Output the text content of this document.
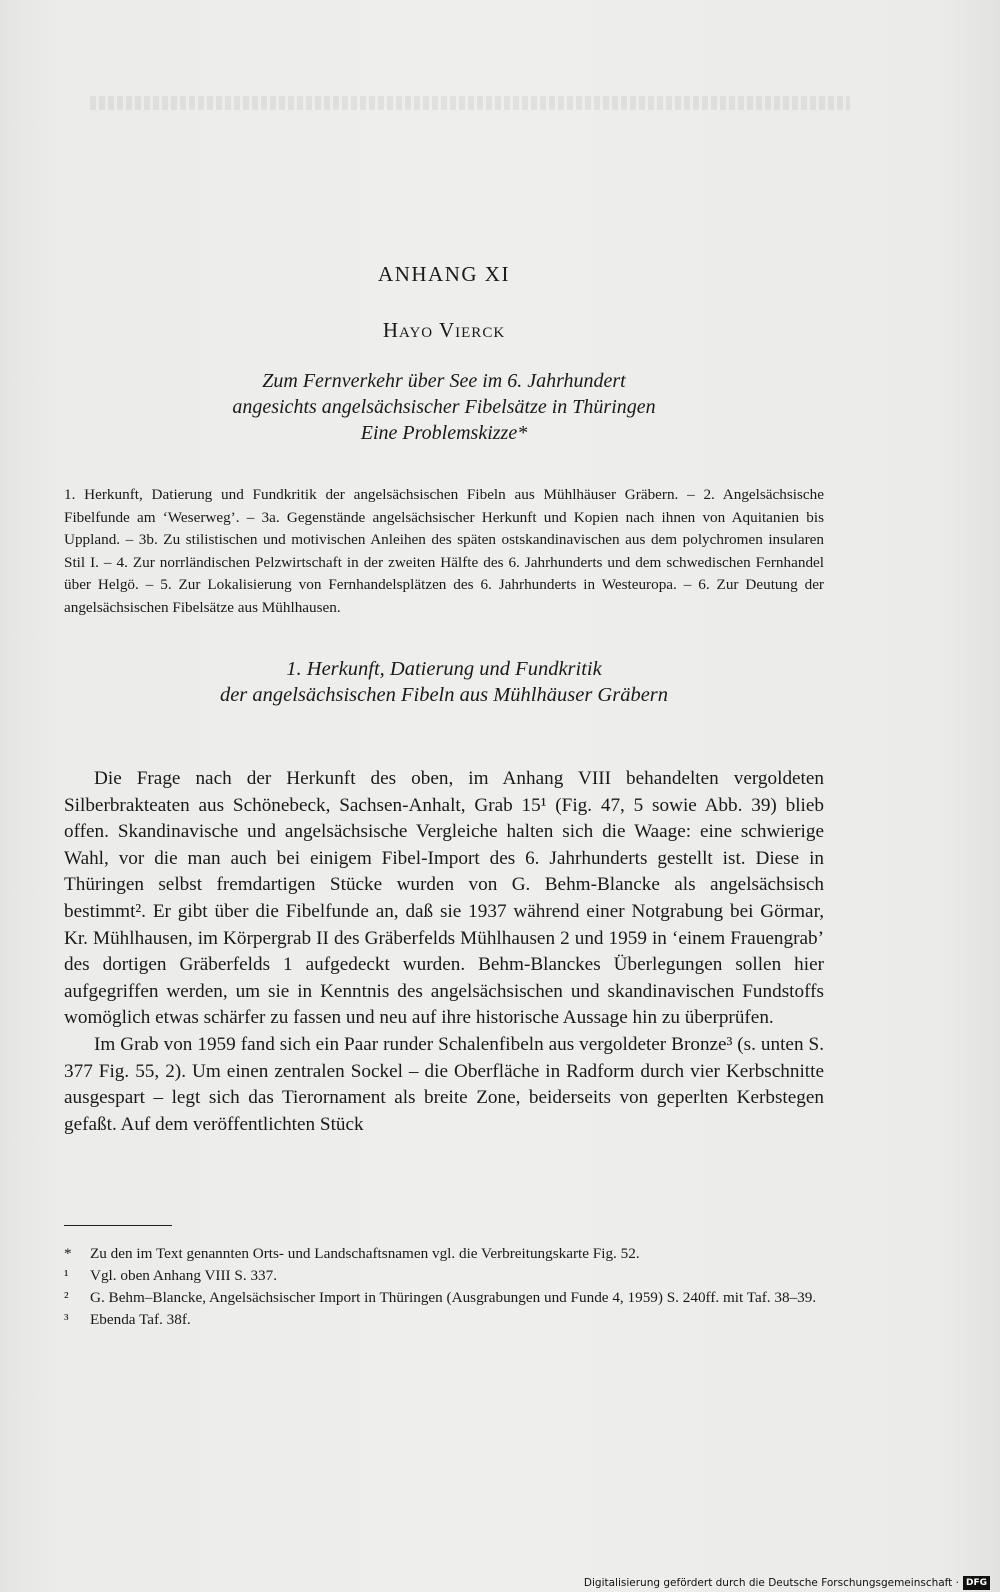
ANHANG XI
Hayo Vierck
Zum Fernverkehr über See im 6. Jahrhundert
angesichts angelsächsischer Fibelsätze in Thüringen
Eine Problemskizze*
1. Herkunft, Datierung und Fundkritik der angelsächsischen Fibeln aus Mühlhäuser Gräbern. – 2. Angelsächsische Fibelfunde am ‘Weserweg’. – 3a. Gegenstände angelsächsischer Herkunft und Kopien nach ihnen von Aquitanien bis Uppland. – 3b. Zu stilistischen und motivischen Anleihen des späten ostskandinavischen aus dem polychromen insularen Stil I. – 4. Zur norrländischen Pelzwirtschaft in der zweiten Hälfte des 6. Jahrhunderts und dem schwedischen Fernhandel über Helgö. – 5. Zur Lokalisierung von Fernhandelsplätzen des 6. Jahrhunderts in Westeuropa. – 6. Zur Deutung der angelsächsischen Fibelsätze aus Mühlhausen.
1. Herkunft, Datierung und Fundkritik
der angelsächsischen Fibeln aus Mühlhäuser Gräbern

Die Frage nach der Herkunft des oben, im Anhang VIII behandelten vergoldeten Silberbrakteaten aus Schönebeck, Sachsen-Anhalt, Grab 15¹ (Fig. 47, 5 sowie Abb. 39) blieb offen. Skandinavische und angelsächsische Vergleiche halten sich die Waage: eine schwierige Wahl, vor die man auch bei einigem Fibel-Import des 6. Jahrhunderts gestellt ist. Diese in Thüringen selbst fremdartigen Stücke wurden von G. Behm-Blancke als angelsächsisch bestimmt². Er gibt über die Fibelfunde an, daß sie 1937 während einer Notgrabung bei Görmar, Kr. Mühlhausen, im Körpergrab II des Gräberfelds Mühlhausen 2 und 1959 in ‘einem Frauengrab’ des dortigen Gräberfelds 1 aufgedeckt wurden. Behm-Blanckes Überlegungen sollen hier aufgegriffen werden, um sie in Kenntnis des angelsächsischen und skandinavischen Fundstoffs womöglich etwas schärfer zu fassen und neu auf ihre historische Aussage hin zu überprüfen.

Im Grab von 1959 fand sich ein Paar runder Schalenfibeln aus vergoldeter Bronze³ (s. unten S. 377 Fig. 55, 2). Um einen zentralen Sockel – die Oberfläche in Radform durch vier Kerbschnitte ausgespart – legt sich das Tierornament als breite Zone, beiderseits von geperlten Kerbstegen gefaßt. Auf dem veröffentlichten Stück

*	Zu den im Text genannten Orts- und Landschaftsnamen vgl. die Verbreitungskarte Fig. 52.
¹	Vgl. oben Anhang VIII S. 337.
²	G. Behm–Blancke, Angelsächsischer Import in Thüringen (Ausgrabungen und Funde 4, 1959) S. 240ff. mit Taf. 38–39.
³	Ebenda Taf. 38f.
Digitalisierung gefördert durch die Deutsche Forschungsgemeinschaft · DFG
